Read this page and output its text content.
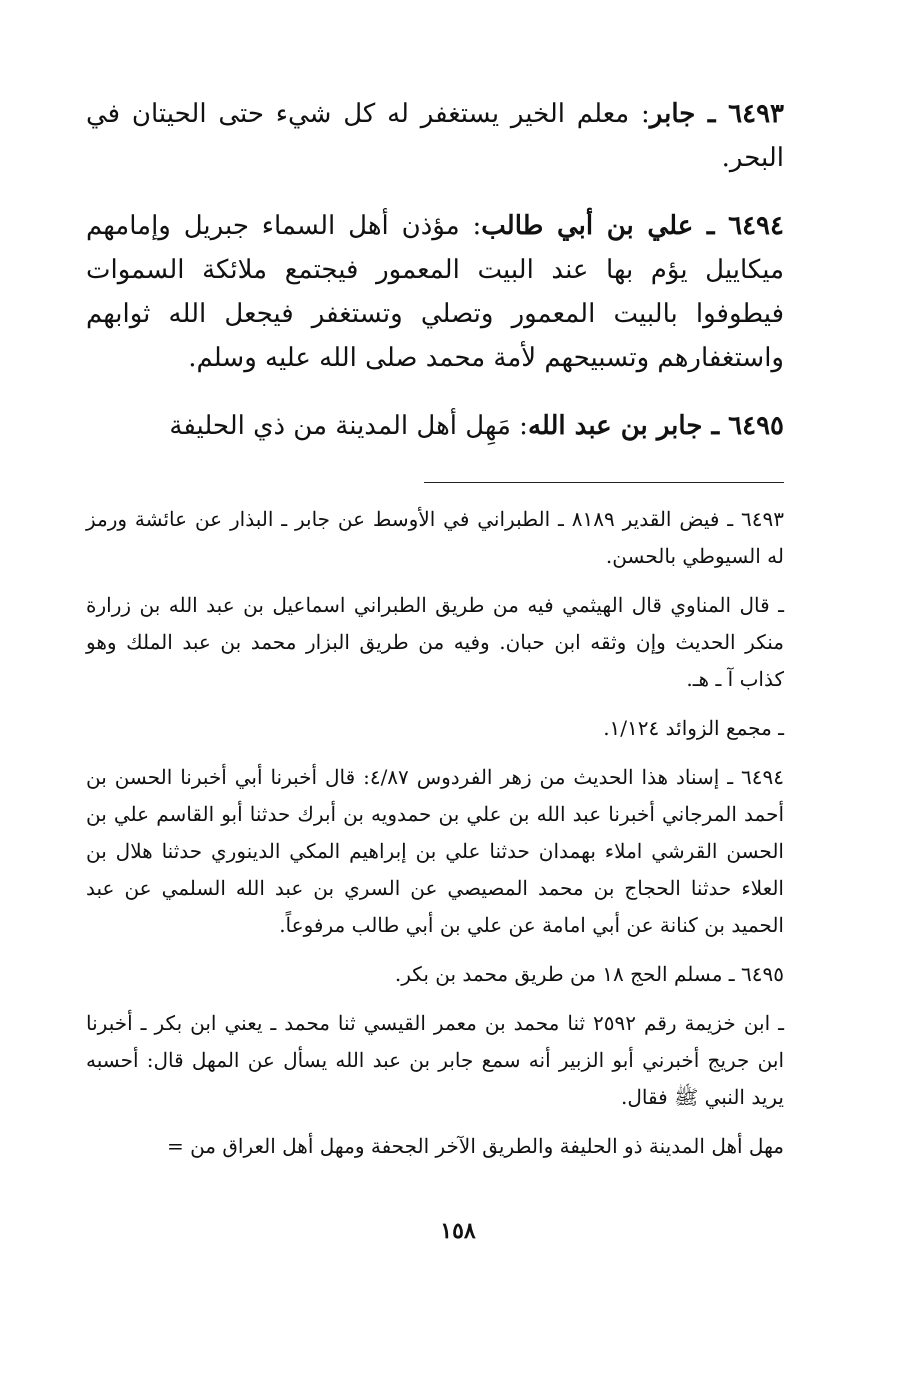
٦٤٩٣ ـ جابر: معلم الخير يستغفر له كل شيء حتى الحيتان في البحر.

٦٤٩٤ ـ علي بن أبي طالب: مؤذن أهل السماء جبريل وإمامهم ميكاييل يؤم بها عند البيت المعمور فيجتمع ملائكة السموات فيطوفوا بالبيت المعمور وتصلي وتستغفر فيجعل الله ثوابهم واستغفارهم وتسبيحهم لأمة محمد صلى الله عليه وسلم.

٦٤٩٥ ـ جابر بن عبد الله: مَهِل أهل المدينة من ذي الحليفة

٦٤٩٣ ـ فيض القدير ٨١٨٩ ـ الطبراني في الأوسط عن جابر ـ البذار عن عائشة ورمز له السيوطي بالحسن.

ـ قال المناوي قال الهيثمي فيه من طريق الطبراني اسماعيل بن عبد الله بن زرارة منكر الحديث وإن وثقه ابن حبان. وفيه من طريق البزار محمد بن عبد الملك وهو كذاب آ ـ هـ.

ـ مجمع الزوائد ١/١٢٤.

٦٤٩٤ ـ إسناد هذا الحديث من زهر الفردوس ٤/٨٧: قال أخبرنا أبي أخبرنا الحسن بن أحمد المرجاني أخبرنا عبد الله بن علي بن حمدويه بن أبرك حدثنا أبو القاسم علي بن الحسن القرشي املاء بهمدان حدثنا علي بن إبراهيم المكي الدينوري حدثنا هلال بن العلاء حدثنا الحجاج بن محمد المصيصي عن السري بن عبد الله السلمي عن عبد الحميد بن كنانة عن أبي امامة عن علي بن أبي طالب مرفوعاً.

٦٤٩٥ ـ مسلم الحج ١٨ من طريق محمد بن بكر.

ـ ابن خزيمة رقم ٢٥٩٢ ثنا محمد بن معمر القيسي ثنا محمد ـ يعني ابن بكر ـ أخبرنا ابن جريج أخبرني أبو الزبير أنه سمع جابر بن عبد الله يسأل عن المهل قال: أحسبه يريد النبي ﷺ فقال.

مهل أهل المدينة ذو الحليفة والطريق الآخر الجحفة ومهل أهل العراق من =

١٥٨
